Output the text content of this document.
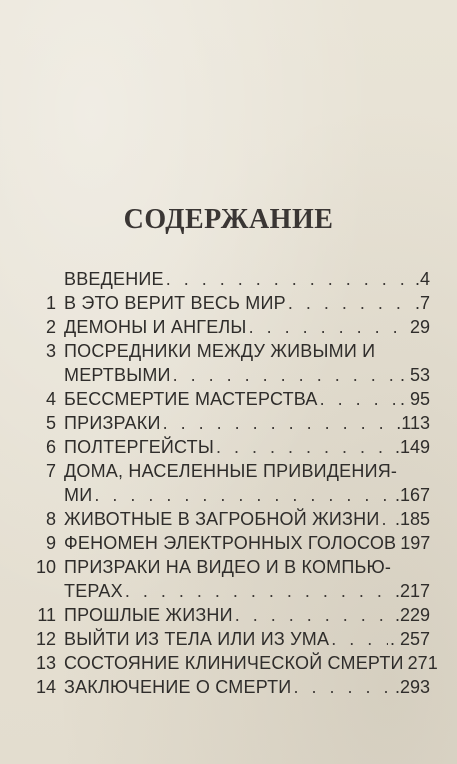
СОДЕРЖАНИЕ
ВВЕДЕНИЕ . . .	.4
1 В ЭТО ВЕРИТ ВЕСЬ МИР . . .	.7
2 ДЕМОНЫ И АНГЕЛЫ . . .	29
3 ПОСРЕДНИКИ МЕЖДУ ЖИВЫМИ И
МЕРТВЫМИ . . .	. 53
4 БЕССМЕРТИЕ МАСТЕРСТВА . . .	. 95
5 ПРИЗРАКИ . . .	.113
6 ПОЛТЕРГЕЙСТЫ . . .	.149
7 ДОМА, НАСЕЛЕННЫЕ ПРИВИДЕНИЯ-
МИ . . .	.167
8 ЖИВОТНЫЕ В ЗАГРОБНОЙ ЖИЗНИ . . . .185
9 ФЕНОМЕН ЭЛЕКТРОННЫХ ГОЛОСОВ 197
10 ПРИЗРАКИ НА ВИДЕО И В КОМПЬЮ-
ТЕРАХ . . .	.217
11 ПРОШЛЫЕ ЖИЗНИ . . .	.229
12 ВЫЙТИ ИЗ ТЕЛА ИЛИ ИЗ УМА . . .	. 257
13 СОСТОЯНИЕ КЛИНИЧЕСКОЙ СМЕРТИ 271
14 ЗАКЛЮЧЕНИЕ О СМЕРТИ . . .	.293
